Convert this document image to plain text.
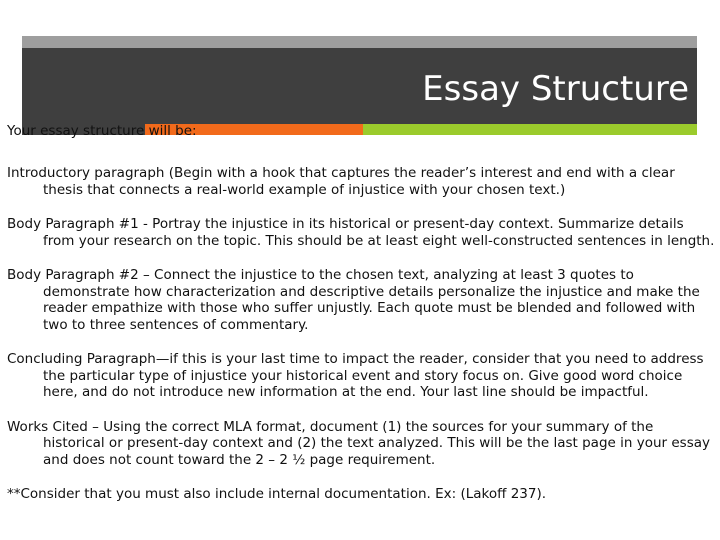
Essay Structure
Your essay structure will be:

Introductory paragraph (Begin with a hook that captures the reader’s interest and end with a clear thesis that connects a real-world example of injustice with your chosen text.)

Body Paragraph #1 - Portray the injustice in its historical or present-day context. Summarize details from your research on the topic. This should be at least eight well-constructed sentences in length.

Body Paragraph #2 – Connect the injustice to the chosen text, analyzing at least 3 quotes to demonstrate how characterization and descriptive details personalize the injustice and make the reader empathize with those who suffer unjustly. Each quote must be blended and followed with two to three sentences of commentary.

Concluding Paragraph—if this is your last time to impact the reader, consider that you need to address the particular type of injustice your historical event and story focus on. Give good word choice here, and do not introduce new information at the end. Your last line should be impactful.

Works Cited – Using the correct MLA format, document (1) the sources for your summary of the historical or present-day context and (2) the text analyzed. This will be the last page in your essay and does not count toward the 2 – 2 ½ page requirement.

**Consider that you must also include internal documentation. Ex: (Lakoff 237).
